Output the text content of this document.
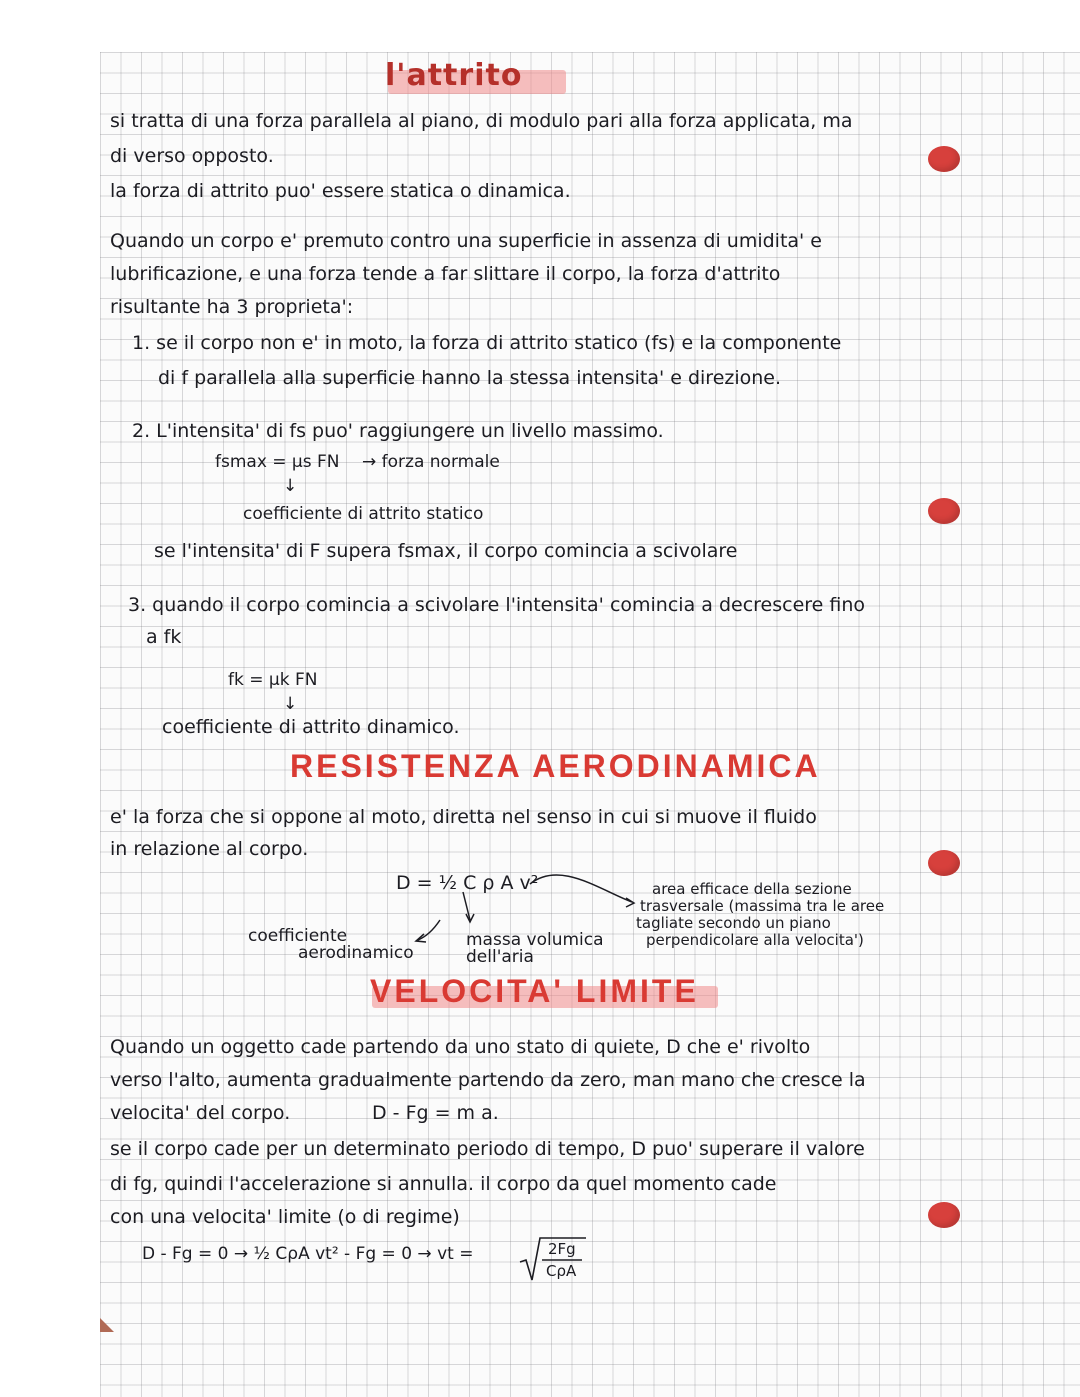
l'attrito
si tratta di una forza parallela al piano, di modulo pari alla forza applicata, ma
di verso opposto.
la forza di attrito puo' essere statica o dinamica.
Quando un corpo e' premuto contro una superficie in assenza di umidita' e
lubrificazione, e una forza tende a far slittare il corpo, la forza d'attrito
risultante ha 3 proprieta':
1. se il corpo non e' in moto, la forza di attrito statico (fs) e la componente
di f parallela alla superficie hanno la stessa intensita' e direzione.
2. L'intensita' di fs puo' raggiungere un livello massimo.
fsmax = μs FN → forza normale
↓
coefficiente di attrito statico
se l'intensita' di F supera fsmax, il corpo comincia a scivolare
3. quando il corpo comincia a scivolare l'intensita' comincia a decrescere fino
a fk
fk = μk FN
↓
coefficiente di attrito dinamico.
RESISTENZA AERODINAMICA
e' la forza che si oppone al moto, diretta nel senso in cui si muove il fluido
in relazione al corpo.
D = ½ C ρ A v²	area efficace della sezione
trasversale (massima tra le aree
tagliate secondo un piano
perpendicolare alla velocita')
coefficiente
aerodinamico
massa volumica
dell'aria
VELOCITA' LIMITE
Quando un oggetto cade partendo da uno stato di quiete, D che e' rivolto
verso l'alto, aumenta gradualmente partendo da zero, man mano che cresce la
velocita' del corpo.	D - Fg = m a.
se il corpo cade per un determinato periodo di tempo, D puo' superare il valore
di fg, quindi l'accelerazione si annulla. il corpo da quel momento cade
con una velocita' limite (o di regime)
D - Fg = 0 → ½ CρA vt² - Fg = 0 → vt =	2Fg
CρA
